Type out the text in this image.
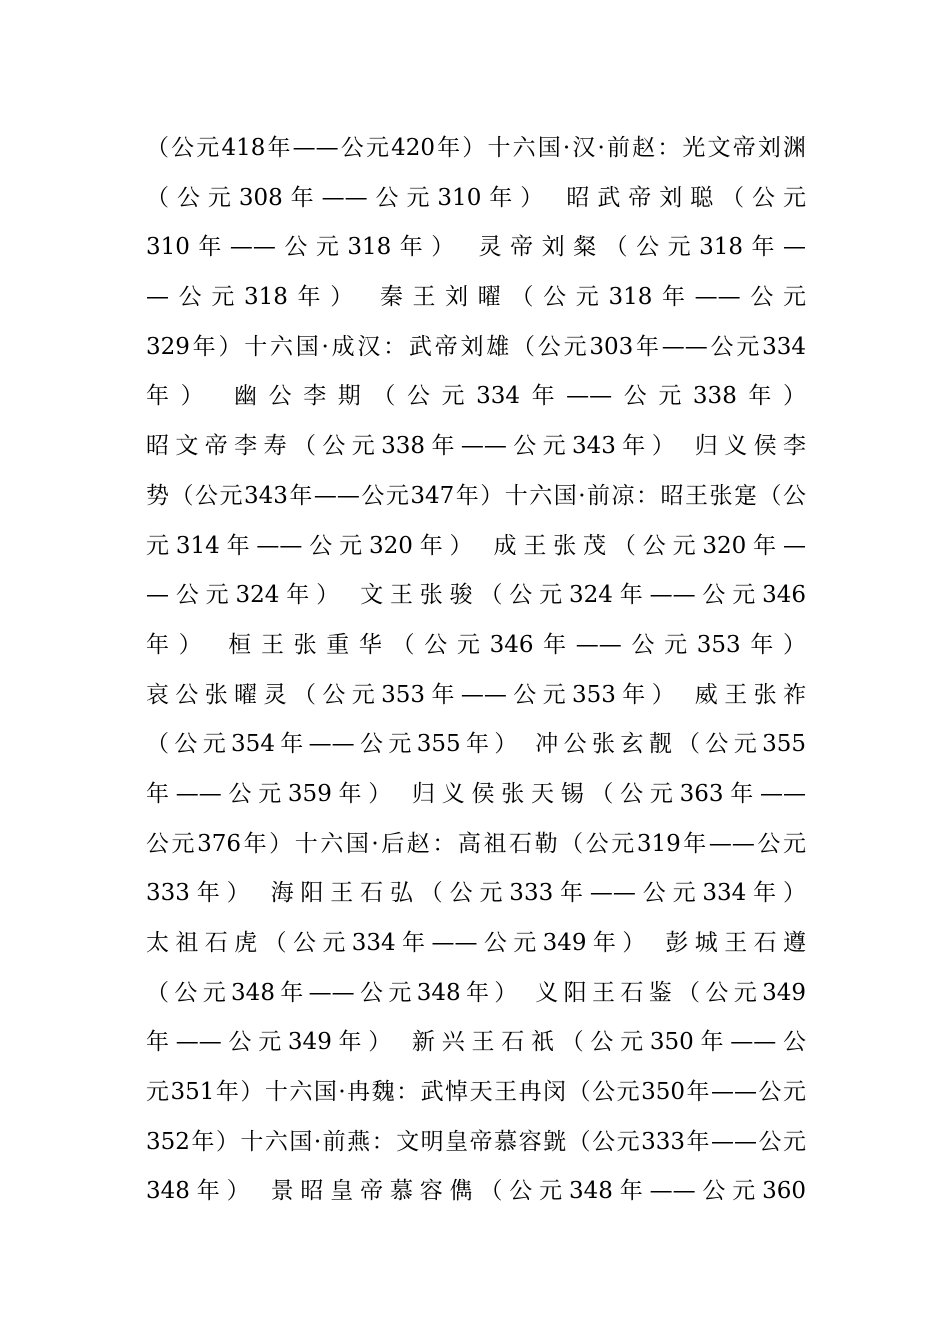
（公元418年——公元420年）十六国·汉·前赵：光文帝刘渊
（公元308年——公元310年） 昭武帝刘聪（公元
310年——公元318年） 灵帝刘粲（公元318年—
—公元318年） 秦王刘曜（公元318年——公元
329年）十六国·成汉：武帝刘雄（公元303年——公元334
年） 幽公李期（公元334年——公元338年）
昭文帝李寿（公元338年——公元343年） 归义侯李
势（公元343年——公元347年）十六国·前凉：昭王张寔（公
元314年——公元320年） 成王张茂（公元320年—
—公元324年） 文王张骏（公元324年——公元346
年） 桓王张重华（公元346年——公元353年）
哀公张曜灵（公元353年——公元353年） 威王张祚
（公元354年——公元355年） 冲公张玄靓（公元355
年——公元359年） 归义侯张天锡（公元363年——
公元376年）十六国·后赵：高祖石勒（公元319年——公元
333年） 海阳王石弘（公元333年——公元334年）
太祖石虎（公元334年——公元349年） 彭城王石遵
（公元348年——公元348年） 义阳王石鉴（公元349
年——公元349年） 新兴王石祇（公元350年——公
元351年）十六国·冉魏：武悼天王冉闵（公元350年——公元
352年）十六国·前燕：文明皇帝慕容皝（公元333年——公元
348年） 景昭皇帝慕容儁（公元348年——公元360
